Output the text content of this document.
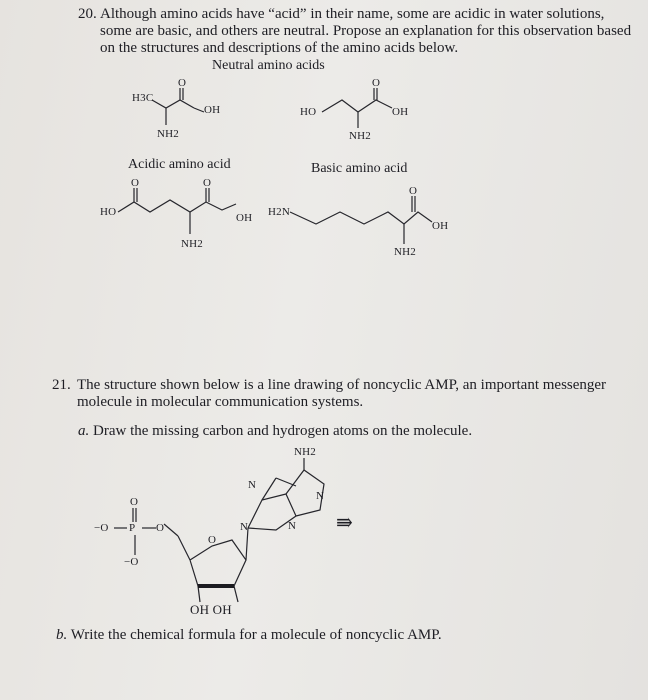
20. Although amino acids have “acid” in their name, some are acidic in water solutions, some are basic, and others are neutral. Propose an explanation for this observation based on the structures and descriptions of the amino acids below.
Neutral amino acids
Acidic amino acid	Basic amino acid
H3C
O
OH
NH2
HO
O
OH
NH2
HO
O	O
OH
NH2
H2N
O
OH
NH2
21. The structure shown below is a line drawing of noncyclic AMP, an important messenger molecule in molecular communication systems.
a. Draw the missing carbon and hydrogen atoms on the molecule.
NH2
O
−O P O
−O
O
N
N
N
N
OH OH
⇛
b. Write the chemical formula for a molecule of noncyclic AMP.
